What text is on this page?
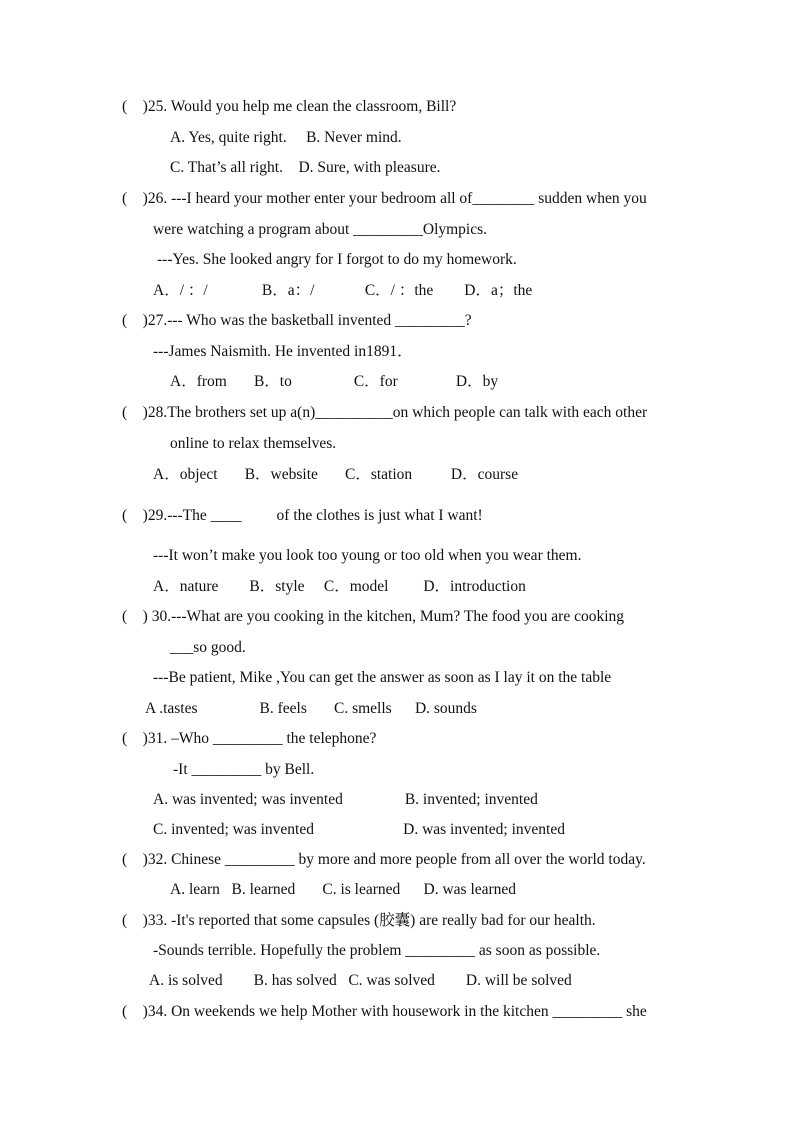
(    )25. Would you help me clean the classroom, Bill?
A. Yes, quite right.     B. Never mind.
C. That’s all right.    D. Sure, with pleasure.
(    )26. ---I heard your mother enter your bedroom all of________ sudden when you
were watching a program about _________Olympics.
---Yes. She looked angry for I forgot to do my homework.
A．/ ：/              B．a：/             C．/ ：the        D．a；the
(    )27.--- Who was the basketball invented _________?
---James Naismith. He invented in1891．
A．from       B．to                C．for               D．by
(    )28.The brothers set up a(n)__________on which people can talk with each other
online to relax themselves.
A．object       B．website       C．station          D．course
(    )29.---The ____         of the clothes is just what I want!
---It won’t make you look too young or too old when you wear them.
A．nature        B．style     C．model         D．introduction
(    ) 30.---What are you cooking in the kitchen, Mum? The food you are cooking
___so good.
---Be patient, Mike ,You can get the answer as soon as I lay it on the table
A .tastes                B. feels       C. smells      D. sounds
(    )31. –Who _________ the telephone?
-It _________ by Bell.
A. was invented; was invented                B. invented; invented
C. invented; was invented                       D. was invented; invented
(    )32. Chinese _________ by more and more people from all over the world today.
A. learn   B. learned       C. is learned      D. was learned
(    )33. -It's reported that some capsules (胶囊) are really bad for our health.
-Sounds terrible. Hopefully the problem _________ as soon as possible.
A. is solved        B. has solved   C. was solved        D. will be solved
(    )34. On weekends we help Mother with housework in the kitchen _________ she
